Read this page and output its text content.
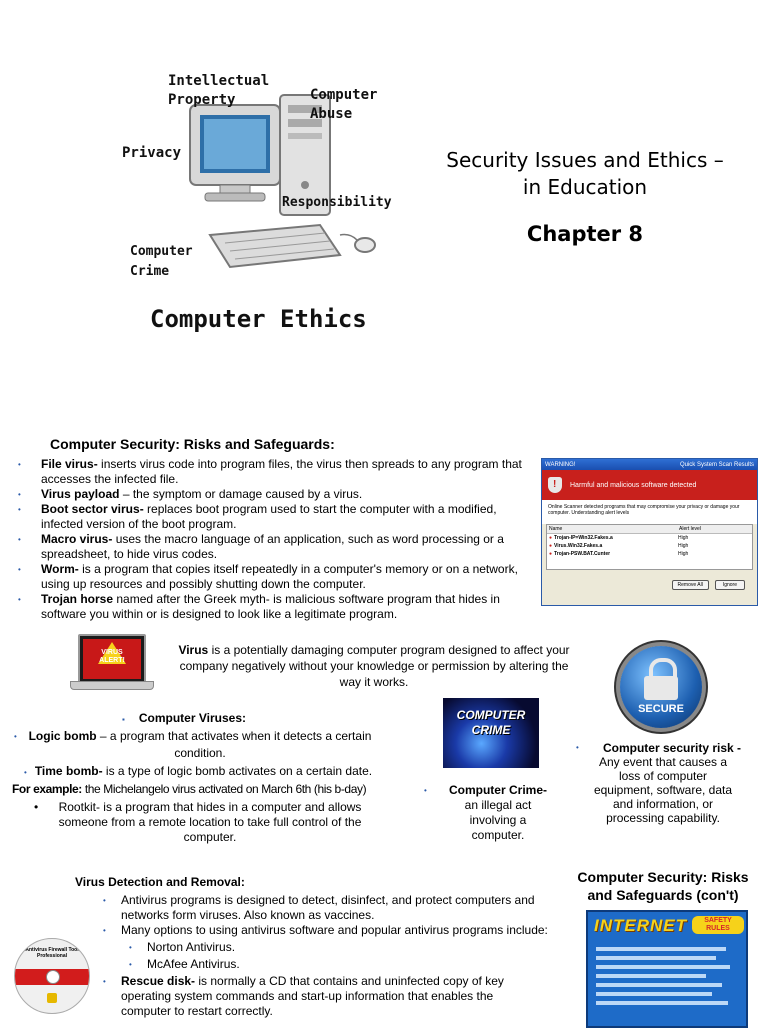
Intellectual
Property	Computer
Abuse
Privacy
Responsibility
Computer
Crime
Computer Ethics
Security Issues and Ethics –
in Education
Chapter 8
Computer Security: Risks and Safeguards:
• File virus- inserts virus code into program files, the virus then spreads to any program that accesses the infected file.
• Virus payload – the symptom or damage caused by a virus.
• Boot sector virus- replaces boot program used to start the computer with a modified, infected version of the boot program.
• Macro virus- uses the macro language of an application, such as word processing or a spreadsheet, to hide virus codes.
• Worm- is a program that copies itself repeatedly in a computer's memory or on a network, using up resources and possibly shutting down the computer.
• Trojan horse named after the Greek myth- is malicious software program that hides in software you within or is designed to look like a legitimate program.
WARNING!	Quick System Scan Results
! Harmful and malicious software detected
Online Scanner detected programs that may compromise your privacy or damage your computer. Understanding alert levels
Name	Alert level
● Trojan-IP=Win32.Fakes.a	High
● Virus.Win32.Fakes.a	High
● Trojan-PSW.BAT.Cunter	High
Remove All	Ignore
VIRUS
ALERT!
Virus is a potentially damaging computer program designed to affect your company negatively without your knowledge or permission by altering the way it works.
▪ Computer Viruses:
• Logic bomb – a program that activates when it detects a certain condition.
• Time bomb- is a type of logic bomb activates on a certain date.
For example: the Michelangelo virus activated on March 6th (his b-day)
• Rootkit- is a program that hides in a computer and allows someone from a remote location to take full control of the computer.
COMPUTER
CRIME
•	Computer Crime-
an illegal act involving a computer.
SECURE
•	Computer security risk -
Any event that causes a loss of computer equipment, software, data and information, or processing capability.
Virus Detection and Removal:
• Antivirus programs is designed to detect, disinfect, and protect computers and networks form viruses. Also known as vaccines.
• Many options to using antivirus software and popular antivirus programs include:
• Norton Antivirus.
• McAfee Antivirus.
• Rescue disk- is normally a CD that contains and uninfected copy of key operating system commands and start-up information that enables the computer to restart correctly.
Antivirus Firewall Tool Professional
Computer Security: Risks and Safeguards (con't)
INTERNET	SAFETY RULES
